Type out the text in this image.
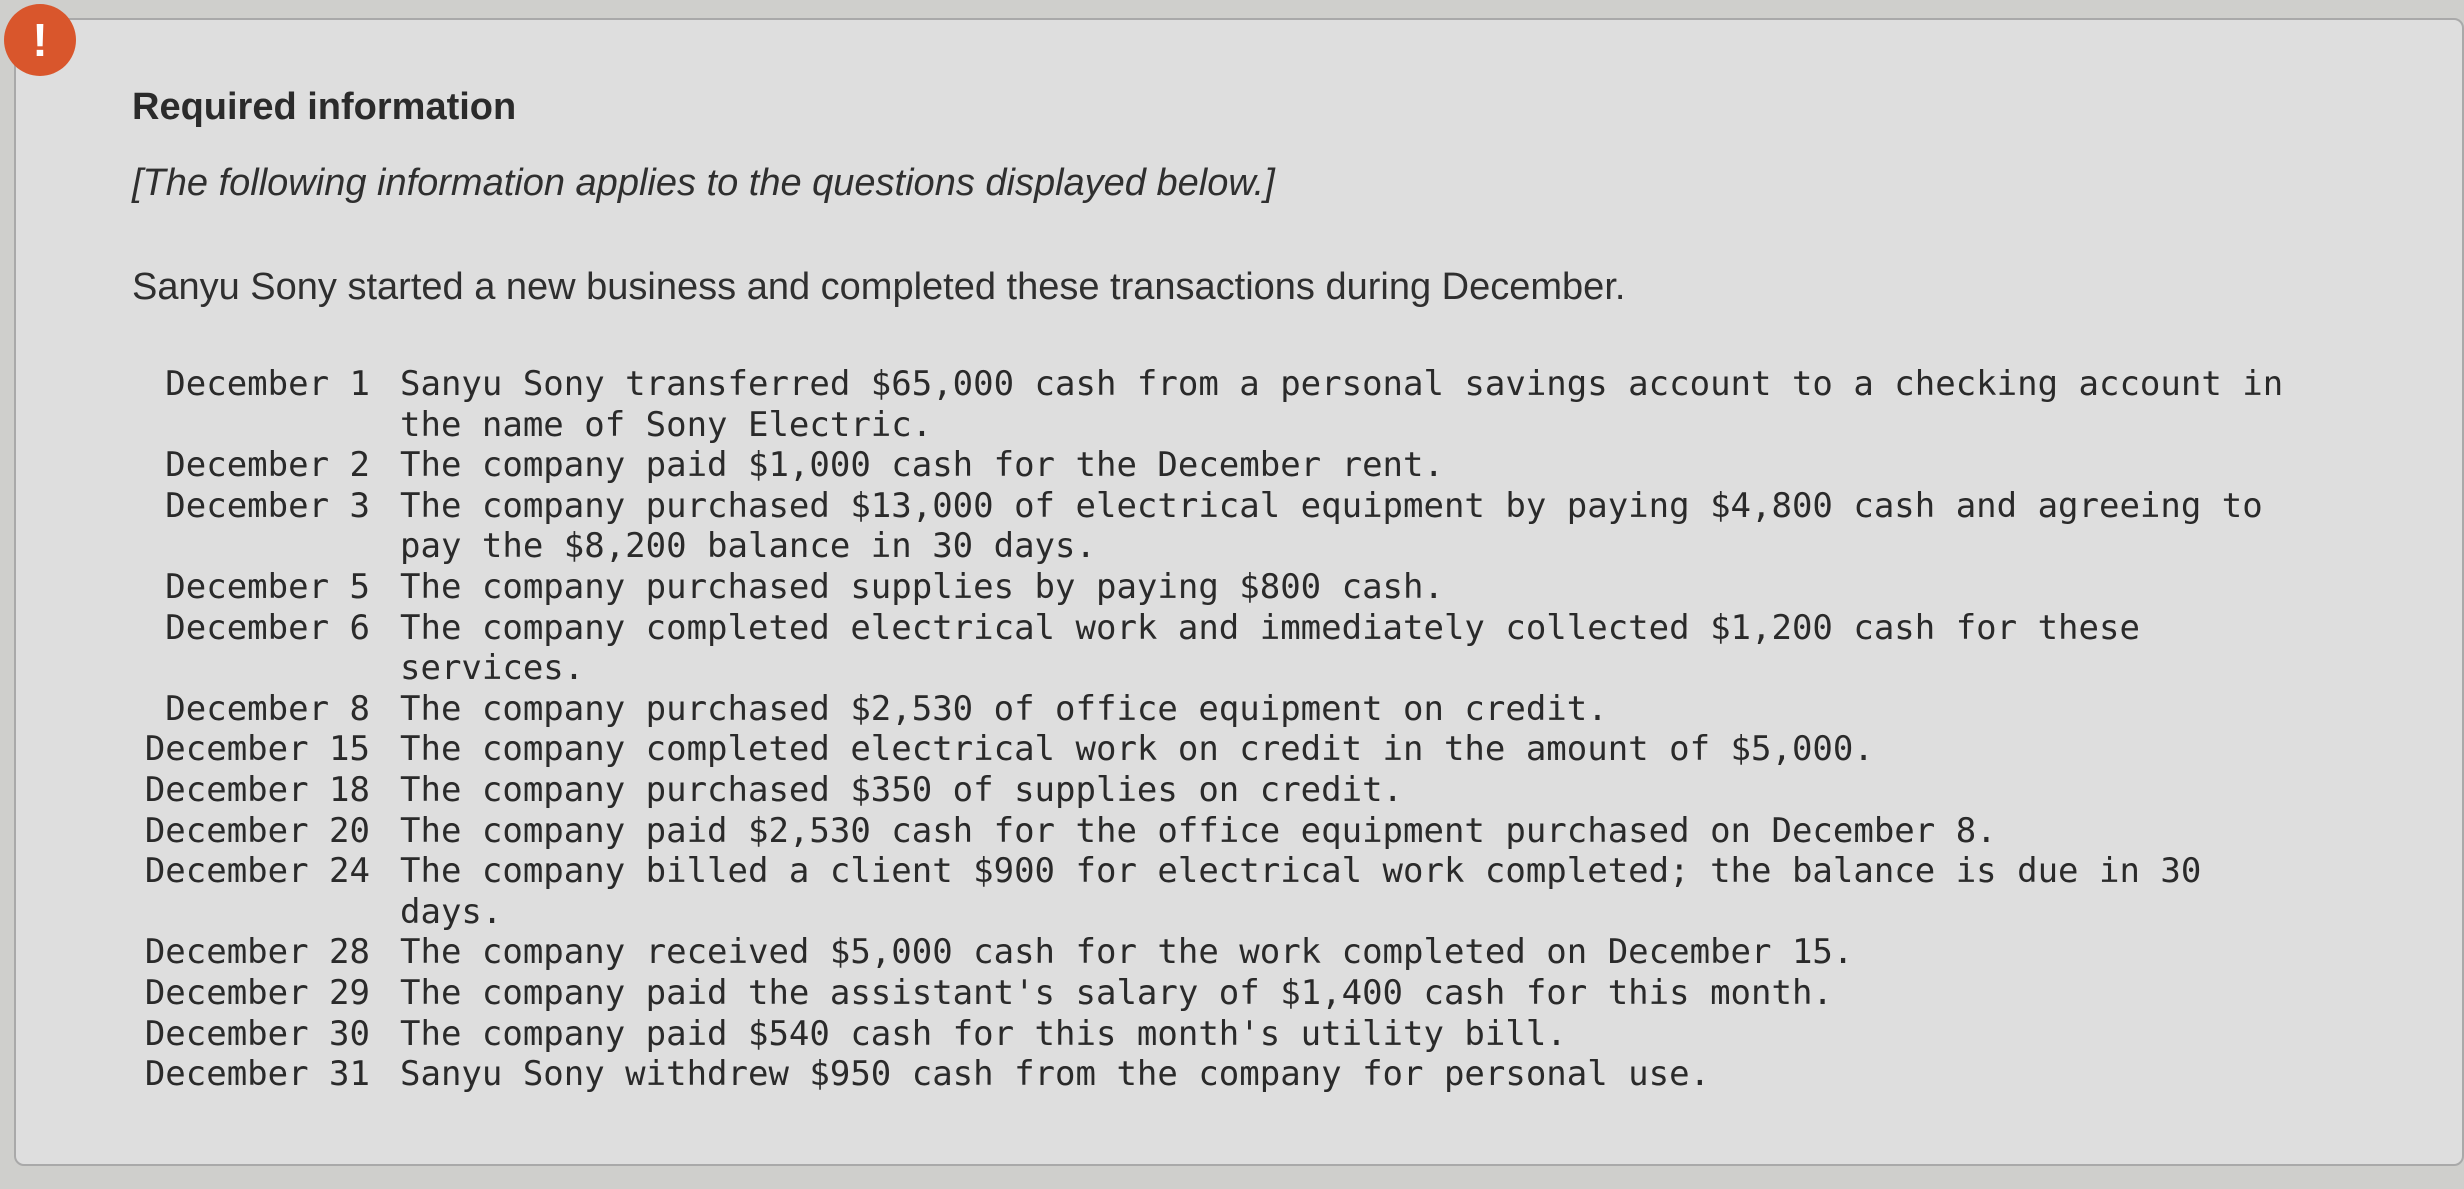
!
Required information
[The following information applies to the questions displayed below.]
Sanyu Sony started a new business and completed these transactions during December.
December 1 Sanyu Sony transferred $65,000 cash from a personal savings account to a checking account in
the name of Sony Electric.
December 2 The company paid $1,000 cash for the December rent.
December 3 The company purchased $13,000 of electrical equipment by paying $4,800 cash and agreeing to
pay the $8,200 balance in 30 days.
December 5 The company purchased supplies by paying $800 cash.
December 6 The company completed electrical work and immediately collected $1,200 cash for these
services.
December 8 The company purchased $2,530 of office equipment on credit.
December 15 The company completed electrical work on credit in the amount of $5,000.
December 18 The company purchased $350 of supplies on credit.
December 20 The company paid $2,530 cash for the office equipment purchased on December 8.
December 24 The company billed a client $900 for electrical work completed; the balance is due in 30
days.
December 28 The company received $5,000 cash for the work completed on December 15.
December 29 The company paid the assistant's salary of $1,400 cash for this month.
December 30 The company paid $540 cash for this month's utility bill.
December 31 Sanyu Sony withdrew $950 cash from the company for personal use.
